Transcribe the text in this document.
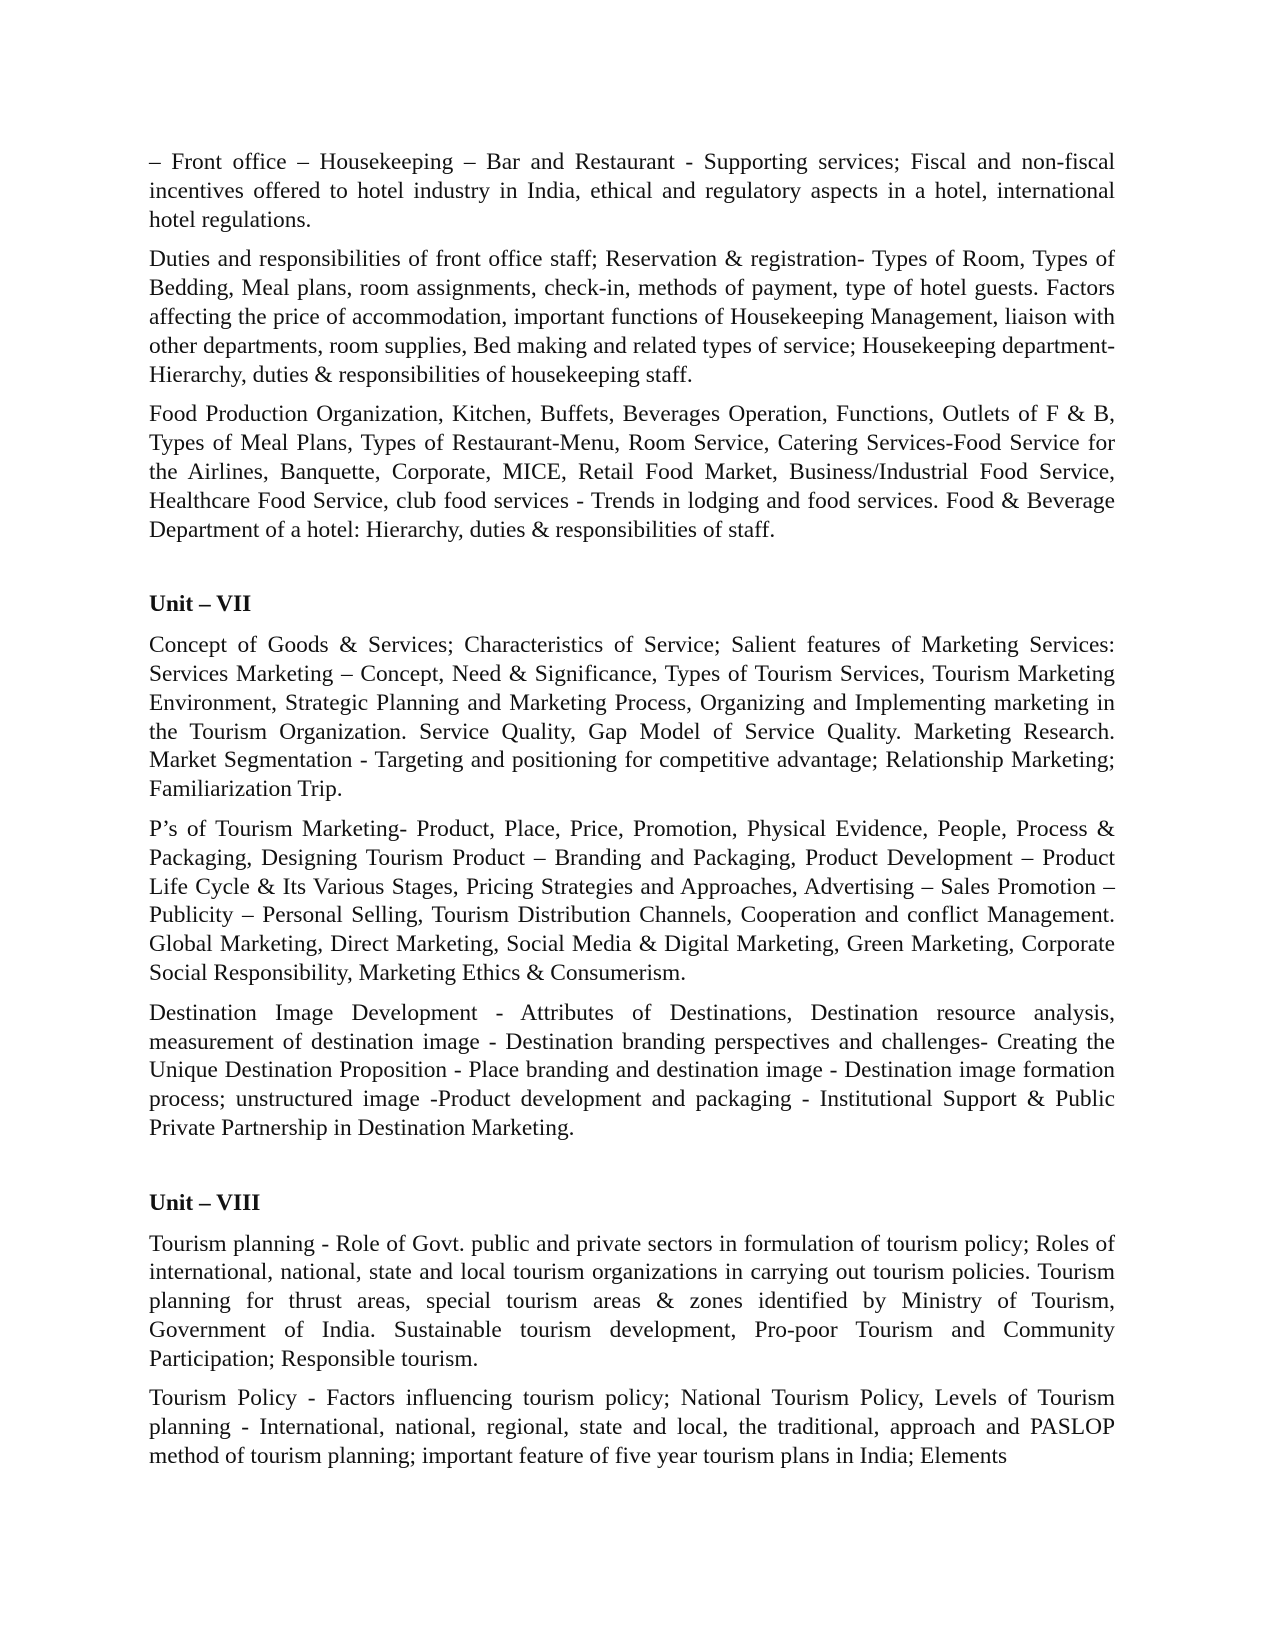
– Front office – Housekeeping – Bar and Restaurant - Supporting services; Fiscal and non-fiscal incentives offered to hotel industry in India, ethical and regulatory aspects in a hotel, international hotel regulations.

Duties and responsibilities of front office staff; Reservation & registration- Types of Room, Types of Bedding, Meal plans, room assignments, check-in, methods of payment, type of hotel guests. Factors affecting the price of accommodation, important functions of Housekeeping Management, liaison with other departments, room supplies, Bed making and related types of service; Housekeeping department-Hierarchy, duties & responsibilities of housekeeping staff.

Food Production Organization, Kitchen, Buffets, Beverages Operation, Functions, Outlets of F & B, Types of Meal Plans, Types of Restaurant-Menu, Room Service, Catering Services-Food Service for the Airlines, Banquette, Corporate, MICE, Retail Food Market, Business/Industrial Food Service, Healthcare Food Service, club food services - Trends in lodging and food services. Food & Beverage Department of a hotel: Hierarchy, duties & responsibilities of staff.

Unit – VII

Concept of Goods & Services; Characteristics of Service; Salient features of Marketing Services: Services Marketing – Concept, Need & Significance, Types of Tourism Services, Tourism Marketing Environment, Strategic Planning and Marketing Process, Organizing and Implementing marketing in the Tourism Organization. Service Quality, Gap Model of Service Quality. Marketing Research. Market Segmentation - Targeting and positioning for competitive advantage; Relationship Marketing; Familiarization Trip.

P’s of Tourism Marketing- Product, Place, Price, Promotion, Physical Evidence, People, Process & Packaging, Designing Tourism Product – Branding and Packaging, Product Development – Product Life Cycle & Its Various Stages, Pricing Strategies and Approaches, Advertising – Sales Promotion – Publicity – Personal Selling, Tourism Distribution Channels, Cooperation and conflict Management. Global Marketing, Direct Marketing, Social Media & Digital Marketing, Green Marketing, Corporate Social Responsibility, Marketing Ethics & Consumerism.

Destination Image Development - Attributes of Destinations, Destination resource analysis, measurement of destination image - Destination branding perspectives and challenges- Creating the Unique Destination Proposition - Place branding and destination image - Destination image formation process; unstructured image -Product development and packaging - Institutional Support & Public Private Partnership in Destination Marketing.

Unit – VIII

Tourism planning - Role of Govt. public and private sectors in formulation of tourism policy; Roles of international, national, state and local tourism organizations in carrying out tourism policies. Tourism planning for thrust areas, special tourism areas & zones identified by Ministry of Tourism, Government of India. Sustainable tourism development, Pro-poor Tourism and Community Participation; Responsible tourism.

Tourism Policy - Factors influencing tourism policy; National Tourism Policy, Levels of Tourism planning - International, national, regional, state and local, the traditional, approach and PASLOP method of tourism planning; important feature of five year tourism plans in India; Elements
